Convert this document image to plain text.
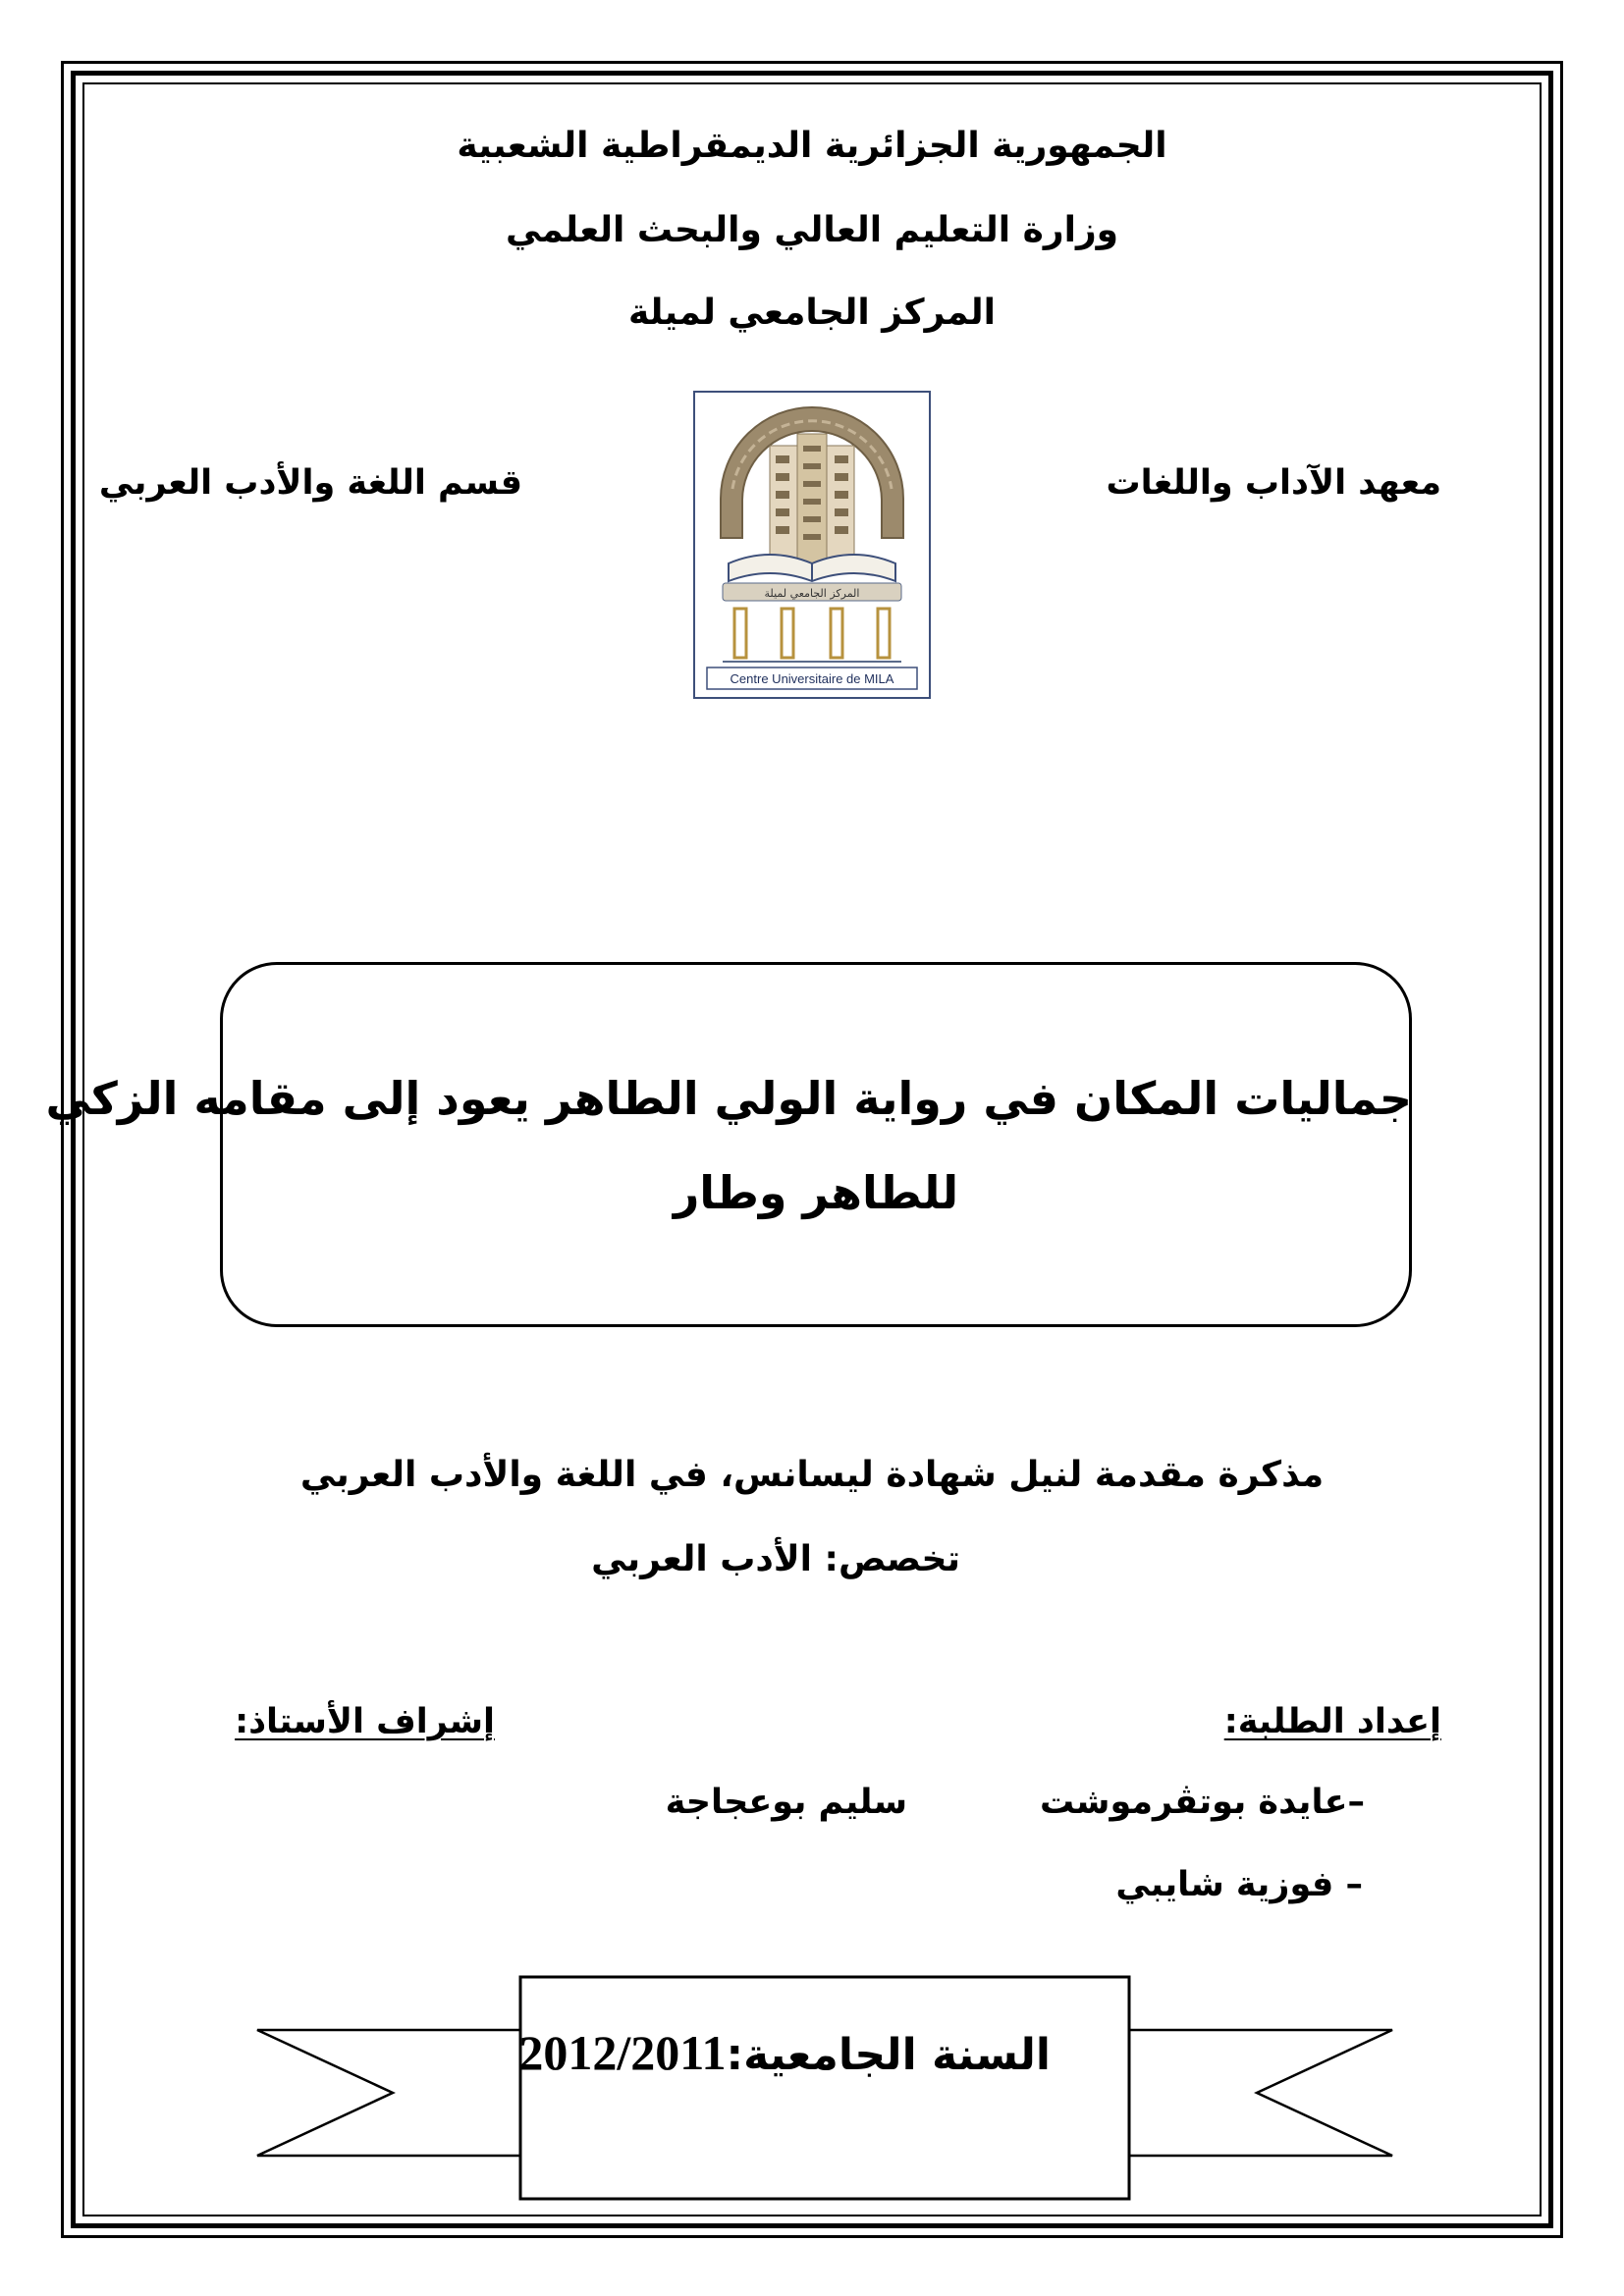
الجمهورية الجزائرية الديمقراطية الشعبية
وزارة التعليم العالي والبحث العلمي
المركز الجامعي لميلة
معهد الآداب واللغات
قسم اللغة والأدب العربي
المركز الجامعي لميلة
Centre Universitaire de MILA
جماليات المكان في رواية الولي الطاهر يعود إلى مقامه الزكي
للطاهر وطار
مذكرة مقدمة لنيل شهادة ليسانس، في اللغة والأدب العربي
تخصص: الأدب العربي
إعداد الطلبة:
إشراف الأستاذ:
–عايدة بوتڤرموشت
سليم بوعجاجة
– فوزية شايبي
السنة الجامعية:2012/2011
